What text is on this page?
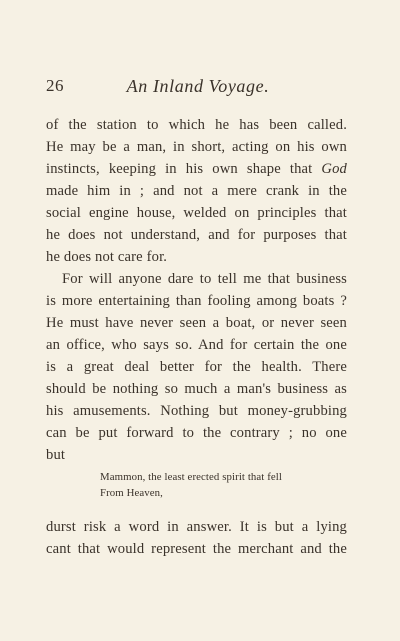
26	An Inland Voyage.
of the station to which he has been called.
He may be a man, in short, acting on his own
instincts, keeping in his own shape that God
made him in ; and not a mere crank in the
social engine house, welded on principles that
he does not understand, and for purposes that
he does not care for.
For will anyone dare to tell me that business
is more entertaining than fooling among boats ?
He must have never seen a boat, or never seen
an office, who says so. And for certain the one
is a great deal better for the health. There
should be nothing so much a man's business as
his amusements. Nothing but money-grubbing
can be put forward to the contrary ; no one
but
Mammon, the least erected spirit that fell
From Heaven,
durst risk a word in answer. It is but a lying
cant that would represent the merchant and the
